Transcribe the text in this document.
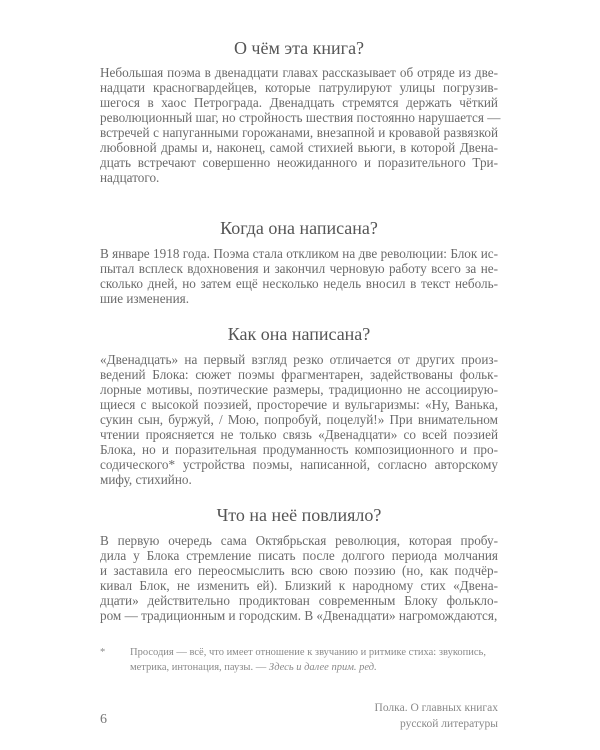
О чём эта книга?
Небольшая поэма в двенадцати главах рассказывает об отряде из две-
надцати красногвардейцев, которые патрулируют улицы погрузив-
шегося в хаос Петрограда. Двенадцать стремятся держать чёткий
революционный шаг, но стройность шествия постоянно нарушается —
встречей с напуганными горожанами, внезапной и кровавой развязкой
любовной драмы и, наконец, самой стихией вьюги, в которой Двена-
дцать встречают совершенно неожиданного и поразительного Три-
надцатого.
Когда она написана?
В январе 1918 года. Поэма стала откликом на две революции: Блок ис-
пытал всплеск вдохновения и закончил черновую работу всего за не-
сколько дней, но затем ещё несколько недель вносил в текст неболь-
шие изменения.
Как она написана?
«Двенадцать» на первый взгляд резко отличается от других произ-
ведений Блока: сюжет поэмы фрагментарен, задействованы фольк-
лорные мотивы, поэтические размеры, традиционно не ассоциирую-
щиеся с высокой поэзией, просторечие и вульгаризмы: «Ну, Ванька,
сукин сын, буржуй, / Мою, попробуй, поцелуй!» При внимательном
чтении проясняется не только связь «Двенадцати» со всей поэзией
Блока, но и поразительная продуманность композиционного и про-
содического* устройства поэмы, написанной, согласно авторскому
мифу, стихийно.
Что на неё повлияло?
В первую очередь сама Октябрьская революция, которая пробу-
дила у Блока стремление писать после долгого периода молчания
и заставила его переосмыслить всю свою поэзию (но, как подчёр-
кивал Блок, не изменить ей). Близкий к народному стих «Двена-
дцати» действительно продиктован современным Блоку фолькло-
ром — традиционным и городским. В «Двенадцати» нагромождаются,
* Просодия — всё, что имеет отношение к звучанию и ритмике стиха: звукопись,
метрика, интонация, паузы. — Здесь и далее прим. ред.
6
Полка. О главных книгах
русской литературы
